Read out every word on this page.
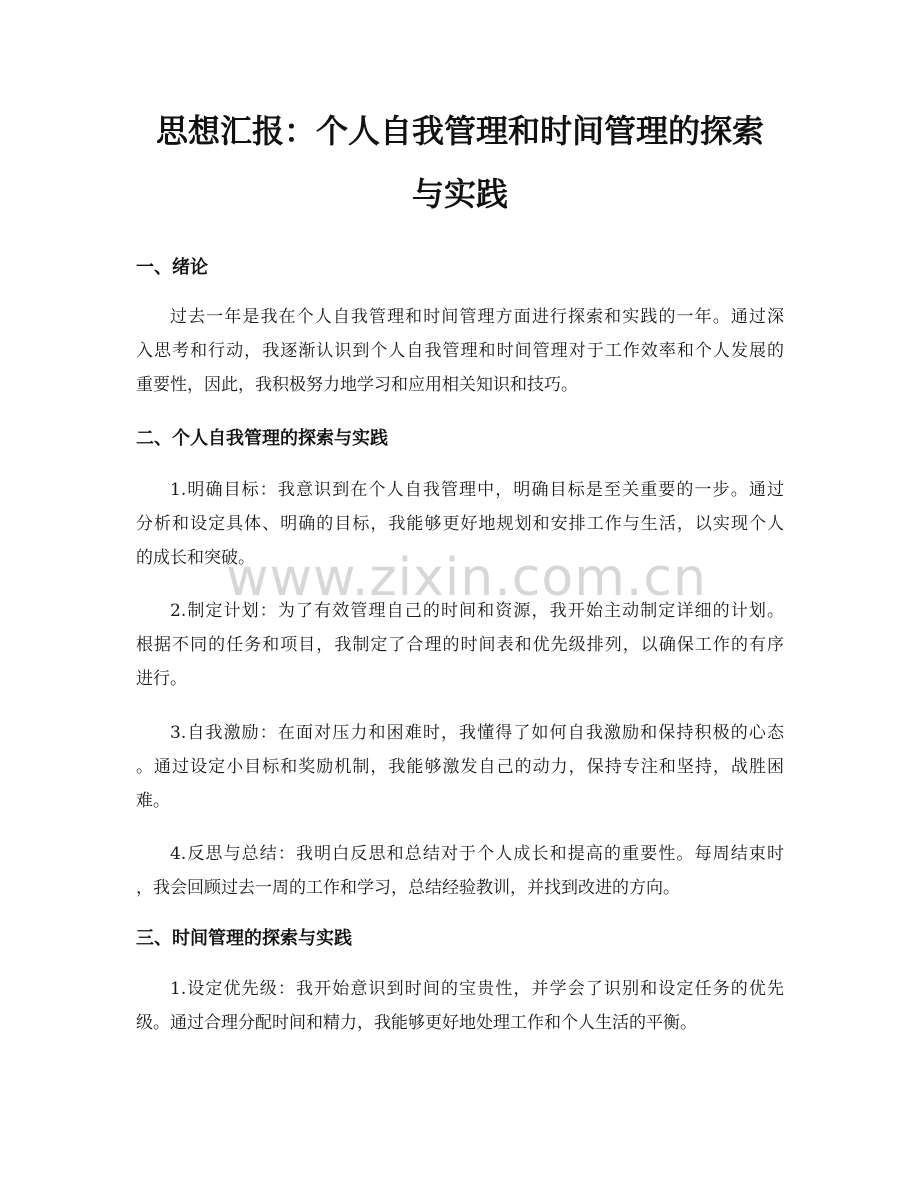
思想汇报：个人自我管理和时间管理的探索
与实践
一、绪论
过去一年是我在个人自我管理和时间管理方面进行探索和实践的一年。通过深
入思考和行动，我逐渐认识到个人自我管理和时间管理对于工作效率和个人发展的
重要性，因此，我积极努力地学习和应用相关知识和技巧。
二、个人自我管理的探索与实践
1.明确目标：我意识到在个人自我管理中，明确目标是至关重要的一步。通过
分析和设定具体、明确的目标，我能够更好地规划和安排工作与生活，以实现个人
的成长和突破。
2.制定计划：为了有效管理自己的时间和资源，我开始主动制定详细的计划。
根据不同的任务和项目，我制定了合理的时间表和优先级排列，以确保工作的有序
进行。
3.自我激励：在面对压力和困难时，我懂得了如何自我激励和保持积极的心态
。通过设定小目标和奖励机制，我能够激发自己的动力，保持专注和坚持，战胜困
难。
4.反思与总结：我明白反思和总结对于个人成长和提高的重要性。每周结束时
，我会回顾过去一周的工作和学习，总结经验教训，并找到改进的方向。
三、时间管理的探索与实践
1.设定优先级：我开始意识到时间的宝贵性，并学会了识别和设定任务的优先
级。通过合理分配时间和精力，我能够更好地处理工作和个人生活的平衡。
www.zixin.com.cn
